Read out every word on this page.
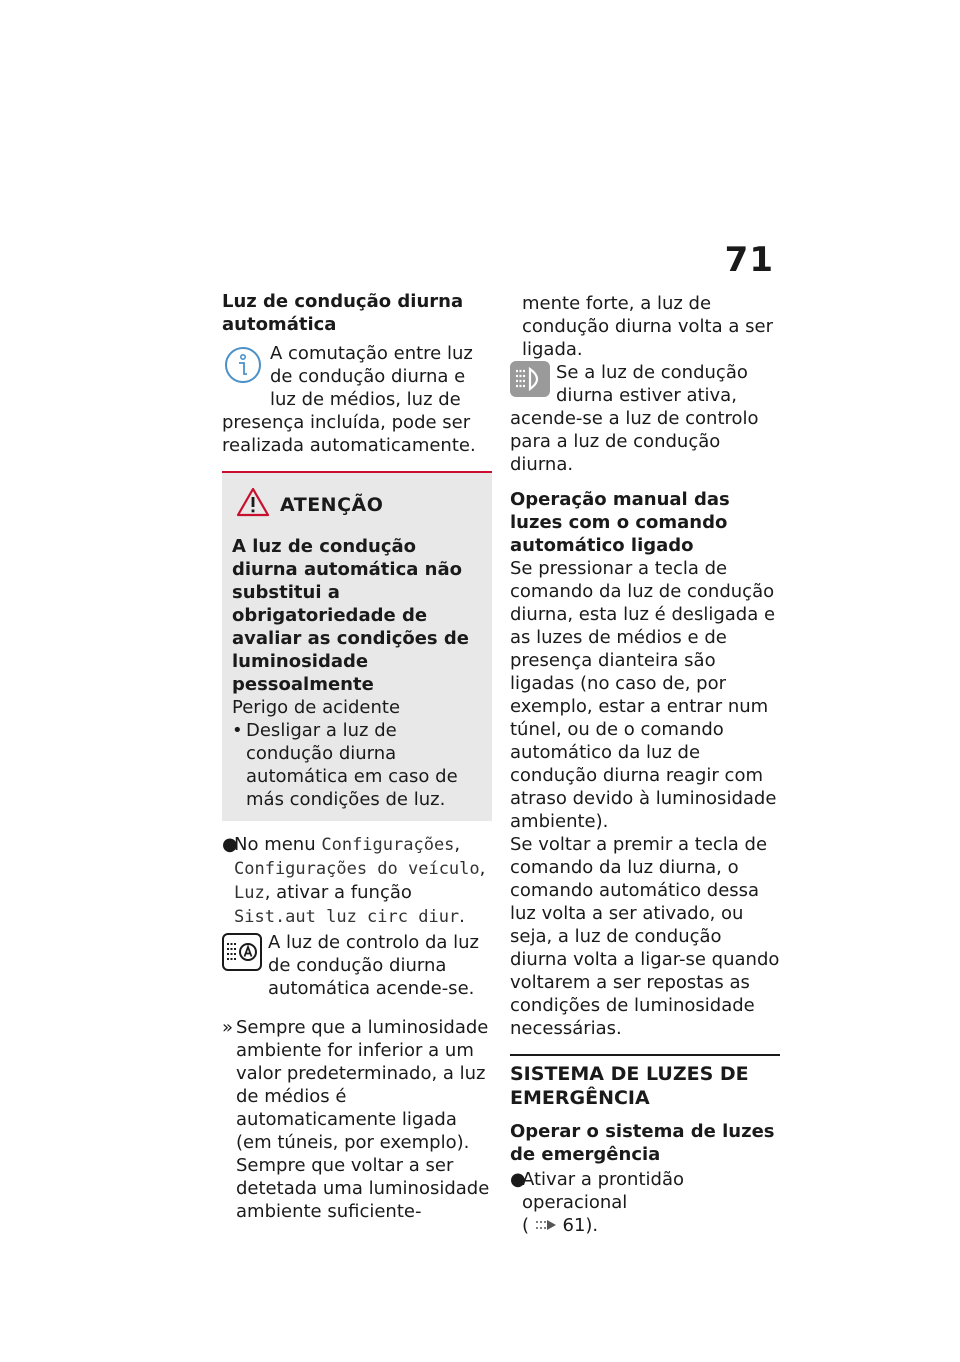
71
Luz de condução diurna automática

A comutação entre luz de condução diurna e luz de médios, luz de presença incluída, pode ser realizada automaticamente.

ATENÇÃO

A luz de condução diurna automática não substitui a obrigatoriedade de avaliar as condições de luminosidade pessoalmente

Perigo de acidente

• Desligar a luz de condução diurna automática em caso de más condições de luz.
●
No menu Configurações, Configurações do veículo, Luz, ativar a função Sist.aut luz circ diur.

A luz de controlo da luz de condução diurna automática acende-se.

» Sempre que a luminosidade ambiente for inferior a um valor predeterminado, a luz de médios é automaticamente ligada (em túneis, por exemplo). Sempre que voltar a ser detetada uma luminosidade ambiente suficiente-
mente forte, a luz de condução diurna volta a ser ligada.

Se a luz de condução diurna estiver ativa, acende-se a luz de controlo para a luz de condução diurna.

Operação manual das luzes com o comando automático ligado

Se pressionar a tecla de comando da luz de condução diurna, esta luz é desligada e as luzes de médios e de presença dianteira são ligadas (no caso de, por exemplo, estar a entrar num túnel, ou de o comando automático da luz de condução diurna reagir com atraso devido à luminosidade ambiente).

Se voltar a premir a tecla de comando da luz diurna, o comando automático dessa luz volta a ser ativado, ou seja, a luz de condução diurna volta a ligar-se quando voltarem a ser repostas as condições de luminosidade necessárias.

SISTEMA DE LUZES DE EMERGÊNCIA
Operar o sistema de luzes de emergência
●
Ativar a prontidão operacional
( 61).
